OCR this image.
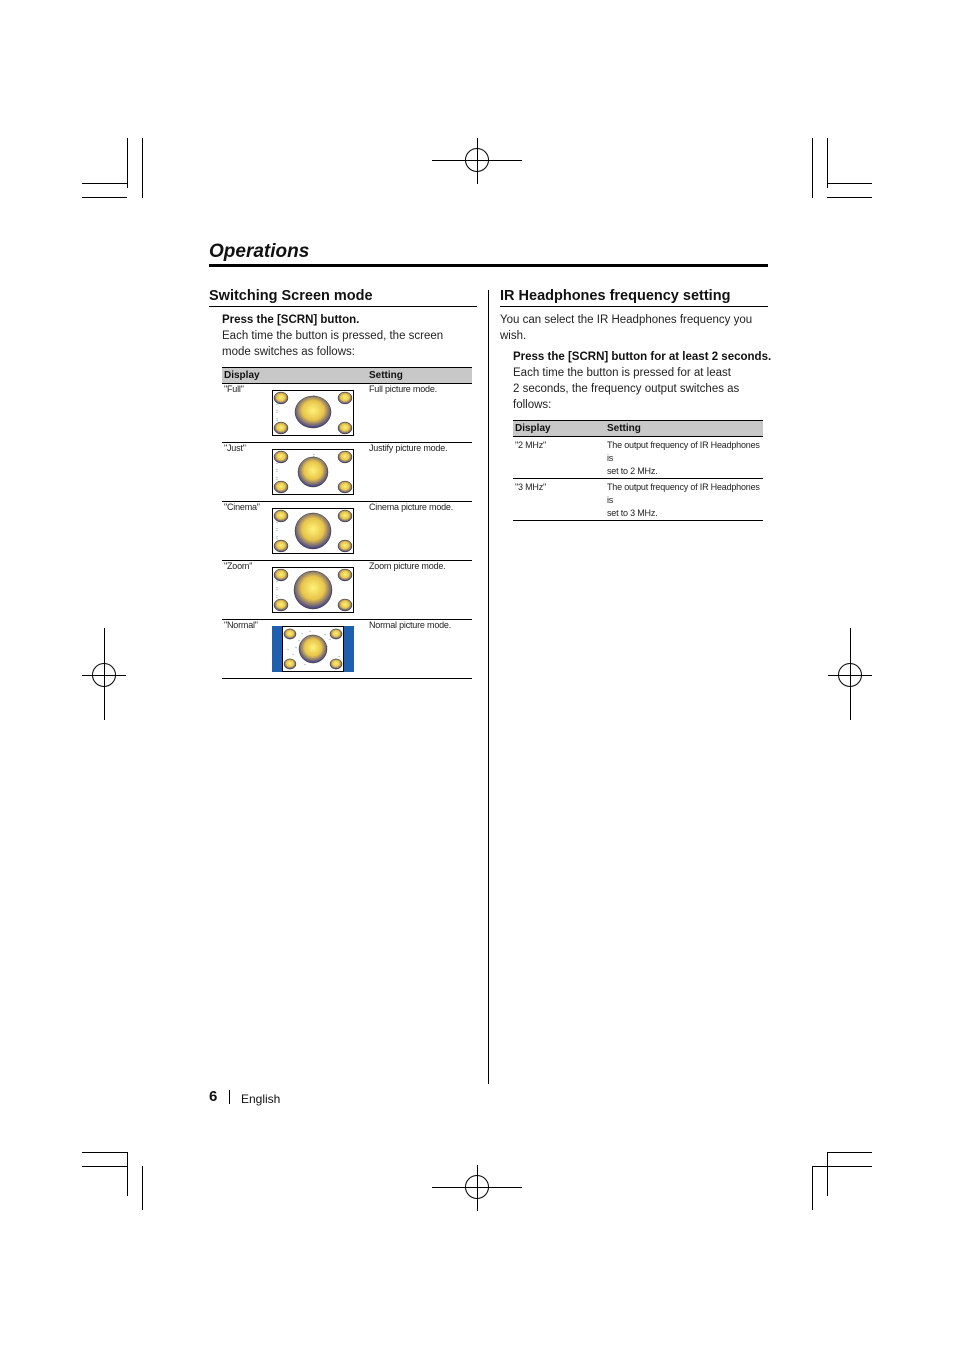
Operations
Switching Screen mode
Press the [SCRN] button.
Each time the button is pressed, the screen
mode switches as follows:
Display		Setting
"Full"		Full picture mode.
"Just"		Justify picture mode.
"Cinema"		Cinema picture mode.
"Zoom"		Zoom picture mode.
"Normal"		Normal picture mode.
IR Headphones frequency setting
You can select the IR Headphones frequency you
wish.
Press the [SCRN] button for at least 2 seconds.
Each time the button is pressed for at least
2 seconds, the frequency output switches as
follows:
Display	Setting
"2 MHz"	The output frequency of IR Headphones is
set to 2 MHz.

"3 MHz"	The output frequency of IR Headphones is
set to 3 MHz.
6 English
